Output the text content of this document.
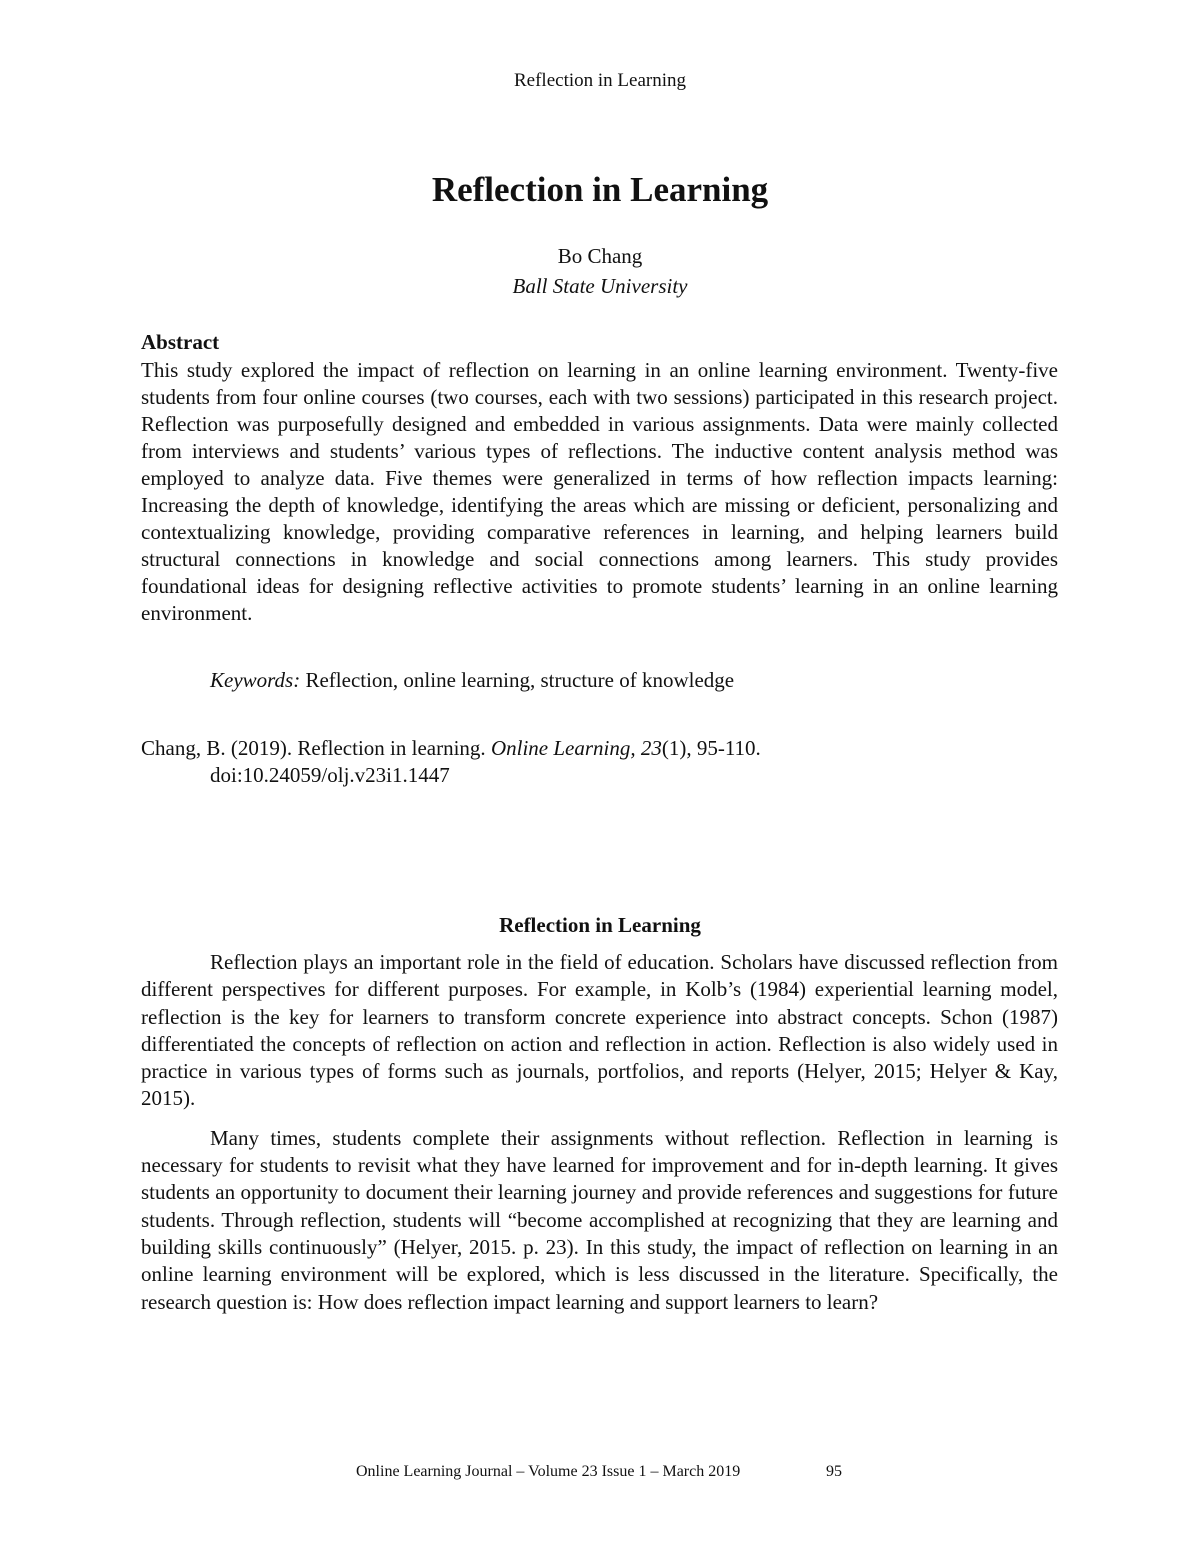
Reflection in Learning
Reflection in Learning
Bo Chang
Ball State University
Abstract

This study explored the impact of reflection on learning in an online learning environment. Twenty-five students from four online courses (two courses, each with two sessions) participated in this research project. Reflection was purposefully designed and embedded in various assignments. Data were mainly collected from interviews and students’ various types of reflections. The inductive content analysis method was employed to analyze data. Five themes were generalized in terms of how reflection impacts learning: Increasing the depth of knowledge, identifying the areas which are missing or deficient, personalizing and contextualizing knowledge, providing comparative references in learning, and helping learners build structural connections in knowledge and social connections among learners. This study provides foundational ideas for designing reflective activities to promote students’ learning in an online learning environment.

Keywords: Reflection, online learning, structure of knowledge
Chang, B. (2019). Reflection in learning. Online Learning, 23(1), 95-110.
doi:10.24059/olj.v23i1.1447
Reflection in Learning

Reflection plays an important role in the field of education. Scholars have discussed reflection from different perspectives for different purposes. For example, in Kolb’s (1984) experiential learning model, reflection is the key for learners to transform concrete experience into abstract concepts. Schon (1987) differentiated the concepts of reflection on action and reflection in action. Reflection is also widely used in practice in various types of forms such as journals, portfolios, and reports (Helyer, 2015; Helyer & Kay, 2015).

Many times, students complete their assignments without reflection. Reflection in learning is necessary for students to revisit what they have learned for improvement and for in-depth learning. It gives students an opportunity to document their learning journey and provide references and suggestions for future students. Through reflection, students will “become accomplished at recognizing that they are learning and building skills continuously” (Helyer, 2015. p. 23). In this study, the impact of reflection on learning in an online learning environment will be explored, which is less discussed in the literature. Specifically, the research question is: How does reflection impact learning and support learners to learn?

Online Learning Journal – Volume 23 Issue 1 – March 2019	95
